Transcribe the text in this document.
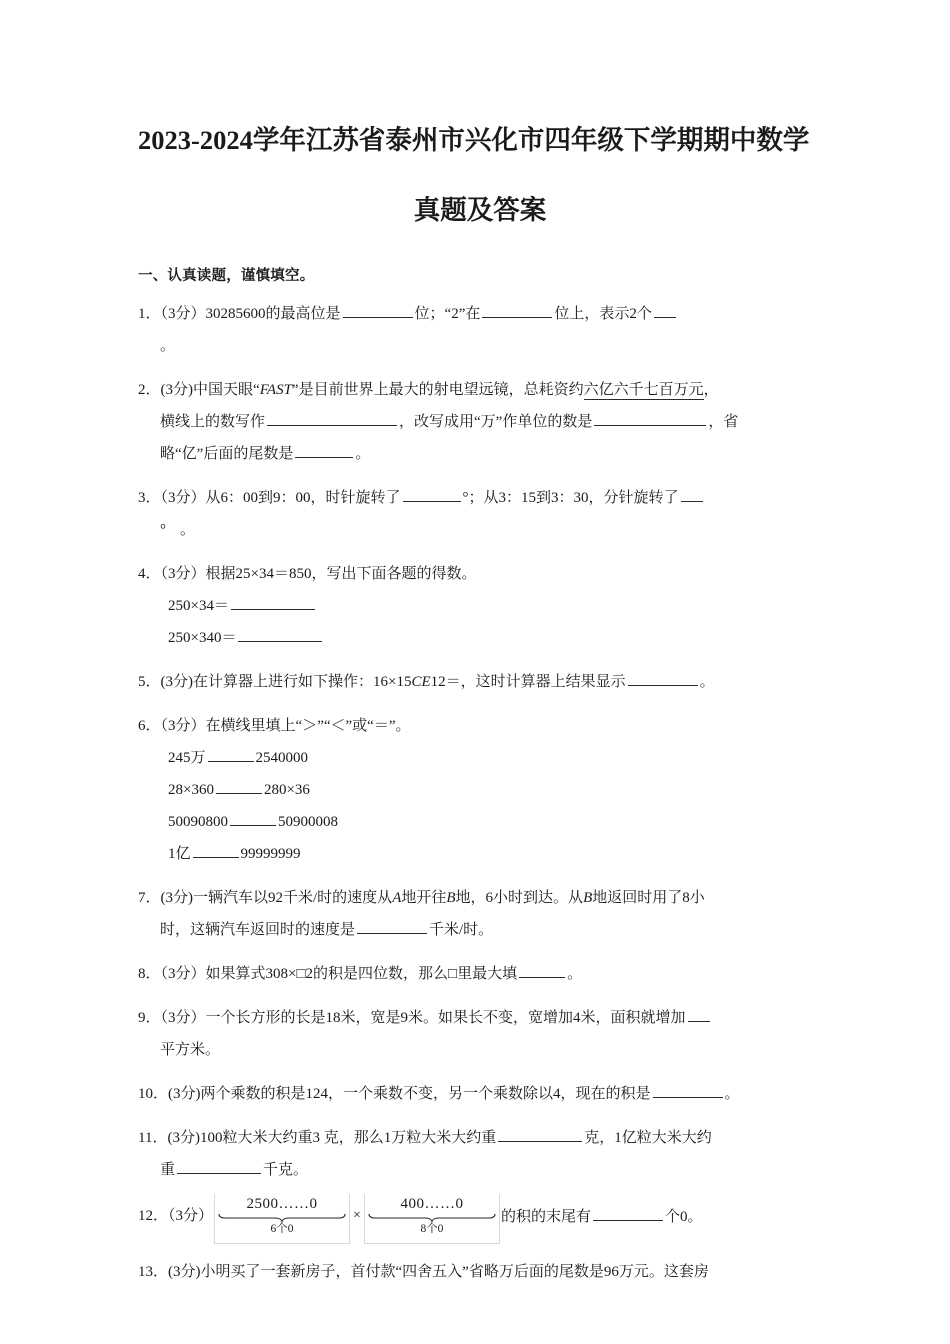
2023-2024学年江苏省泰州市兴化市四年级下学期期中数学
真题及答案
一、认真读题，谨慎填空。
1．（3分）30285600的最高位是	位；“2”在	位上，表示2个
。
2．(3分)中国天眼“FAST”是目前世界上最大的射电望远镜，总耗资约六亿六千七百万元，
横线上的数写作	，改写成用“万”作单位的数是	，省
略“亿”后面的尾数是	。
3．（3分）从6：00到9：00，时针旋转了	°；从3：15到3：30，分针旋转了
° 。
4．（3分）根据25×34＝850，写出下面各题的得数。
250×34＝
250×340＝
5．(3分)在计算器上进行如下操作：16×15CE12＝，这时计算器上结果显示	。
6．（3分）在横线里填上“＞”“＜”或“＝”。
245万	2540000
28×360	280×36
50090800	50900008
1亿	99999999
7．(3分)一辆汽车以92千米/时的速度从A地开往B地，6小时到达。从B地返回时用了8小
时，这辆汽车返回时的速度是	千米/时。
8．（3分）如果算式308×□2的积是四位数，那么□里最大填	。
9．（3分）一个长方形的长是18米，宽是9米。如果长不变，宽增加4米，面积就增加
平方米。
10．(3分)两个乘数的积是124，一个乘数不变，另一个乘数除以4，现在的积是	。
11．(3分)100粒大米大约重3 克，那么1万粒大米大约重	克，1亿粒大米大约
重	千克。
12．（3分）
2500……0
6个0
×
400……0
8个0
的积的末尾有	个0。
13．(3分)小明买了一套新房子，首付款“四舍五入”省略万后面的尾数是96万元。这套房
